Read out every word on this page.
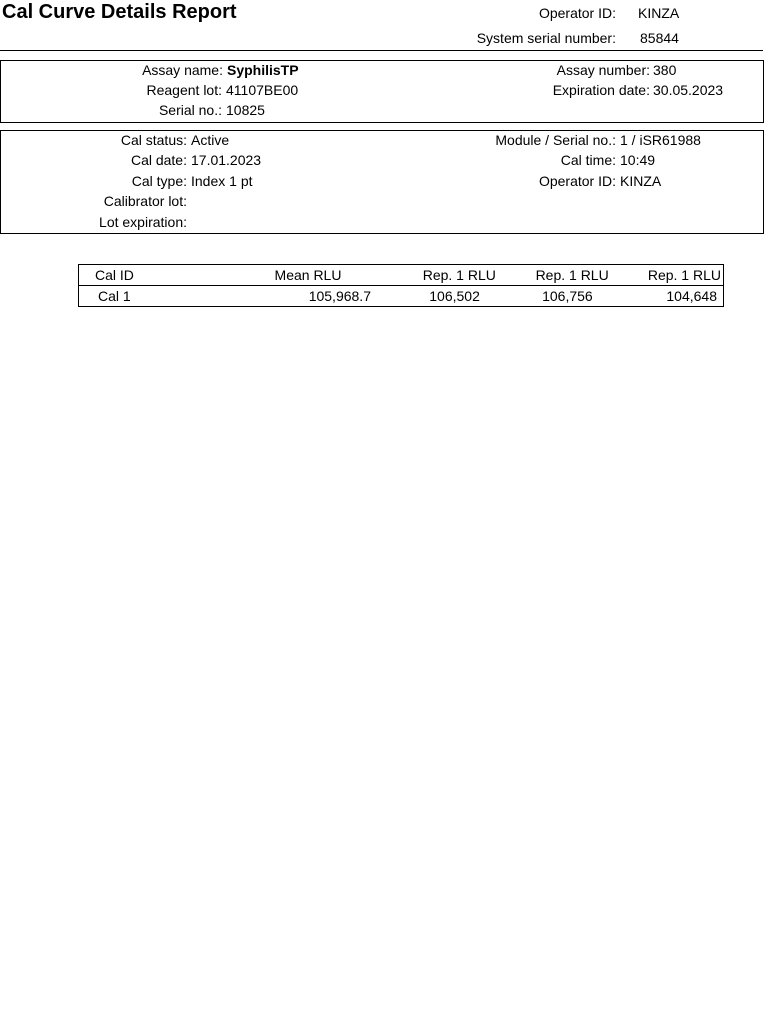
Cal Curve Details Report	Operator ID: KINZA
System serial number: 85844
Assay name: SyphilisTP
Reagent lot: 41107BE00
Serial no.: 10825
Assay number: 380
Expiration date: 30.05.2023
Cal status: Active
Cal date: 17.01.2023
Cal type: Index 1 pt
Calibrator lot:
Lot expiration:
Module / Serial no.: 1 / iSR61988
Cal time: 10:49
Operator ID: KINZA
Cal ID	Mean RLU	Rep. 1 RLU	Rep. 1 RLU	Rep. 1 RLU
Cal 1	105,968.7	106,502	106,756	104,648
